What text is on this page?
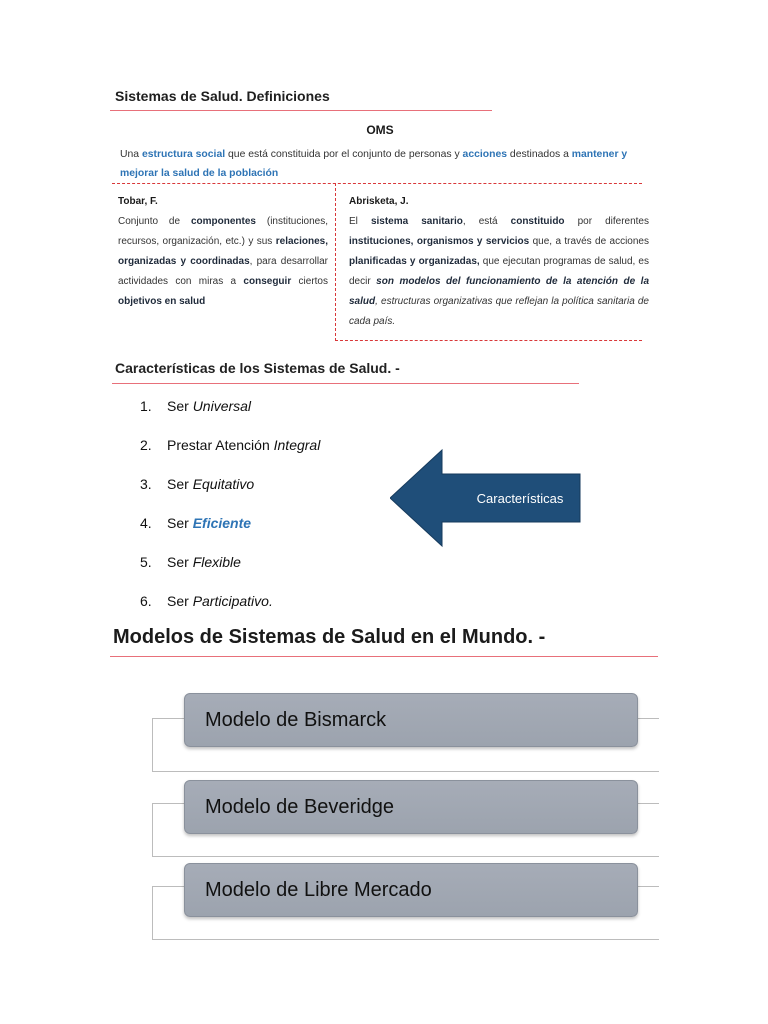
Sistemas de Salud. Definiciones
OMS
Una estructura social que está constituida por el conjunto de personas y acciones destinados a mantener y mejorar la salud de la población
Tobar, F.
Conjunto de componentes (instituciones, recursos, organización, etc.) y sus relaciones, organizadas y coordinadas, para desarrollar actividades con miras a conseguir ciertos objetivos en salud
Abrisketa, J.
El sistema sanitario, está constituido por diferentes instituciones, organismos y servicios que, a través de acciones planificadas y organizadas, que ejecutan programas de salud, es decir son modelos del funcionamiento de la atención de la salud, estructuras organizativas que reflejan la política sanitaria de cada país.
Características de los Sistemas de Salud. -
1.	Ser Universal
2.	Prestar Atención Integral
3.	Ser Equitativo
4.	Ser Eficiente
5.	Ser Flexible
6.	Ser Participativo.
Características
Modelos de Sistemas de Salud en el Mundo. -
Modelo de Bismarck
Modelo de Beveridge
Modelo de Libre Mercado
